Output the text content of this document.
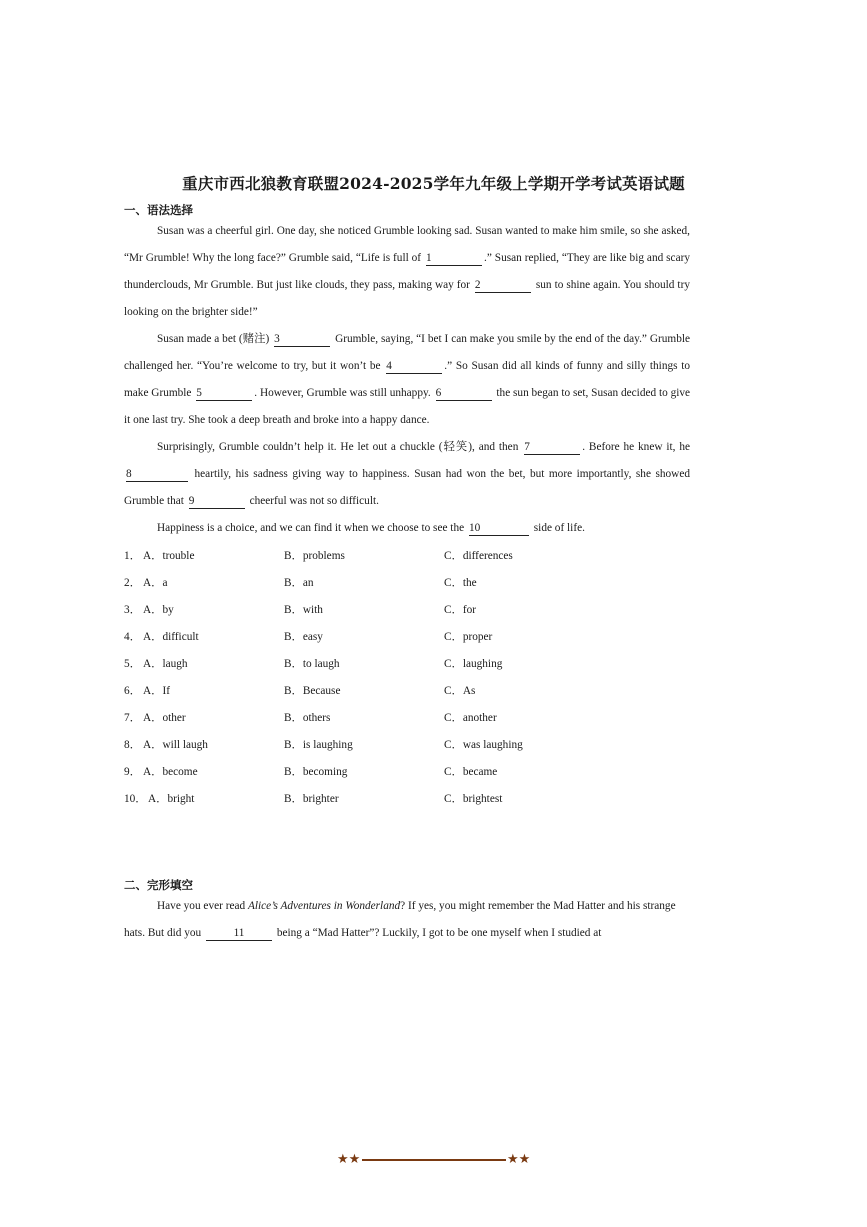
重庆市西北狼教育联盟2024-2025学年九年级上学期开学考试英语试题
一、语法选择
Susan was a cheerful girl. One day, she noticed Grumble looking sad. Susan wanted to make him smile, so she asked, “Mr Grumble! Why the long face?” Grumble said, “Life is full of 1	.” Susan replied, “They are like big and scary thunderclouds, Mr Grumble. But just like clouds, they pass, making way for 2	sun to shine again. You should try looking on the brighter side!”
Susan made a bet (赌注) 3	Grumble, saying, “I bet I can make you smile by the end of the day.” Grumble challenged her. “You’re welcome to try, but it won’t be 4	.” So Susan did all kinds of funny and silly things to make Grumble 5	. However, Grumble was still unhappy. 6	the sun began to set, Susan decided to give it one last try. She took a deep breath and broke into a happy dance.
Surprisingly, Grumble couldn’t help it. He let out a chuckle (轻笑), and then 7	. Before he knew it, he 8	heartily, his sadness giving way to happiness. Susan had won the bet, but more importantly, she showed Grumble that 9	cheerful was not so difficult.
Happiness is a choice, and we can find it when we choose to see the 10	side of life.
1． A．trouble	B．problems	C．differences
2． A．a	B．an	C．the
3． A．by	B．with	C．for
4． A．difficult	B．easy	C．proper
5． A．laugh	B．to laugh	C．laughing
6． A．If	B．Because	C．As
7． A．other	B．others	C．another
8． A．will laugh	B．is laughing	C．was laughing
9． A．become	B．becoming	C．became
10． A．bright	B．brighter	C．brightest
二、完形填空
Have you ever read Alice’s Adventures in Wonderland? If yes, you might remember the Mad Hatter and his strange hats. But did you	11	being a “Mad Hatter”? Luckily, I got to be one myself when I studied at
★★	★★
